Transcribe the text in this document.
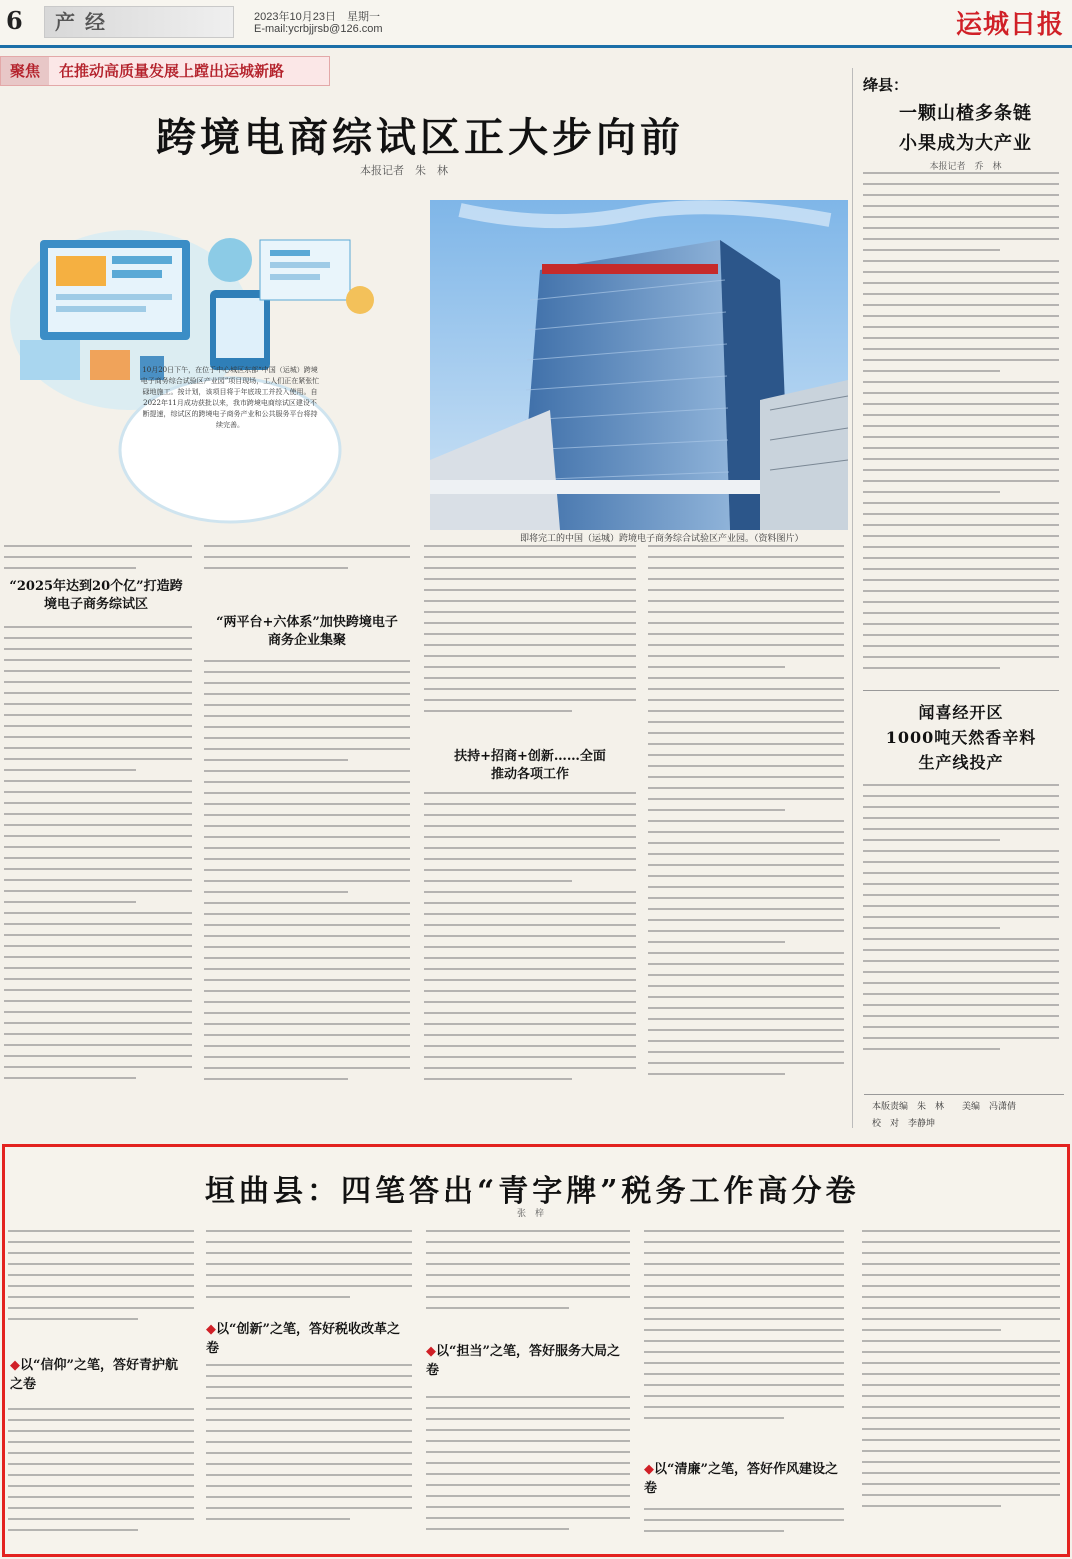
6	产经	2023年10月23日　星期一
E-mail:ycrbjjrsb@126.com	运城日报
聚焦	在推动高质量发展上蹚出运城新路
跨境电商综试区正大步向前
本报记者　朱　林
10月20日下午，在位于中心城区东部“中国（运城）跨境电子商务综合试验区产业园”项目现场，工人们正在紧张忙碌地施工。按计划，该项目将于年底竣工并投入使用。自2022年11月成功获批以来，我市跨境电商综试区建设不断提速，综试区的跨境电子商务产业和公共服务平台将持续完善。
即将完工的中国（运城）跨境电子商务综合试验区产业园。（资料图片）
“2025年达到20个亿”打造跨境电子商务综试区
“两平台+六体系”加快跨境电子商务企业集聚
扶持+招商+创新……全面推动各项工作
绛县：
一颗山楂多条链
小果成为大产业
本报记者　乔　林
闻喜经开区
1000吨天然香辛料
生产线投产
本版责编　朱　林　　美编　冯潇倩
校　对　李静坤
垣曲县：四笔答出“青字牌”税务工作高分卷
张　梓
◆以“信仰”之笔，答好青护航之卷
◆以“创新”之笔，答好税收改革之卷	◆以“担当”之笔，答好服务大局之卷
◆以“清廉”之笔，答好作风建设之卷
